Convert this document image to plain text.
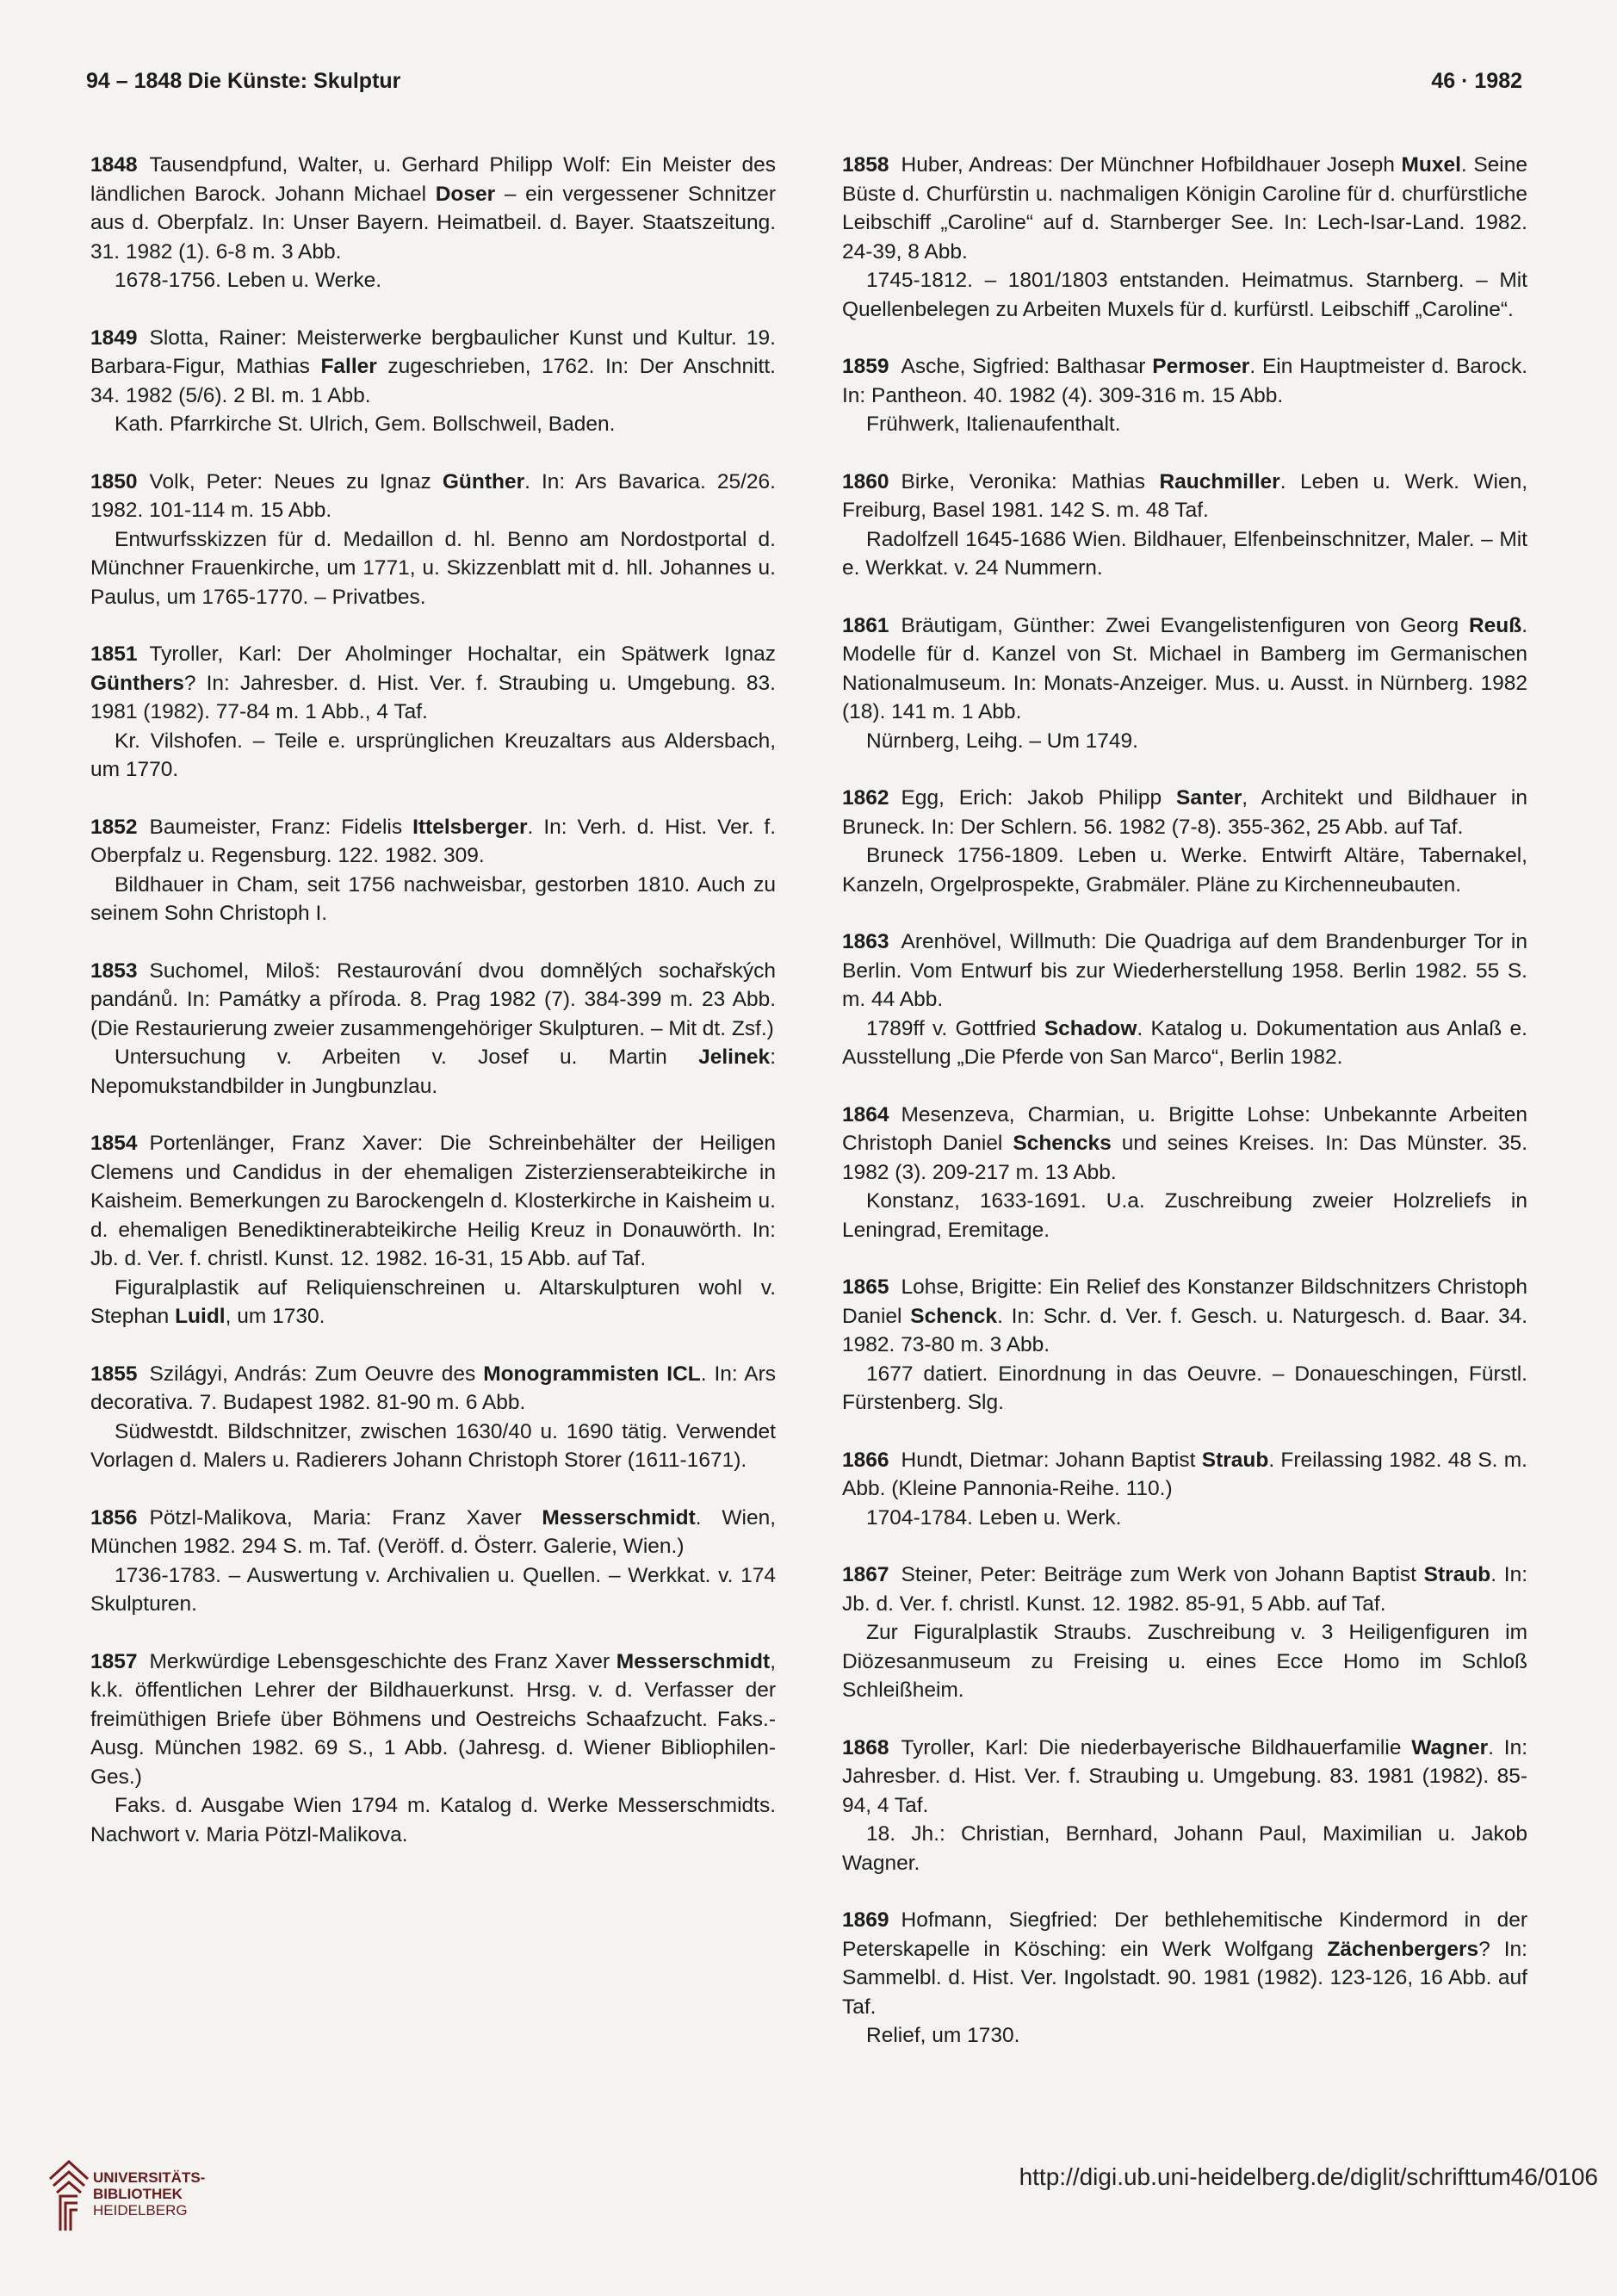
94 – 1848 Die Künste: Skulptur	46 · 1982

1848 Tausendpfund, Walter, u. Gerhard Philipp Wolf: Ein Meister des ländlichen Barock. Johann Michael Doser – ein vergessener Schnitzer aus d. Oberpfalz. In: Unser Bayern. Heimatbeil. d. Bayer. Staatszeitung. 31. 1982 (1). 6-8 m. 3 Abb.

1678-1756. Leben u. Werke.

1849 Slotta, Rainer: Meisterwerke bergbaulicher Kunst und Kultur. 19. Barbara-Figur, Mathias Faller zugeschrieben, 1762. In: Der Anschnitt. 34. 1982 (5/6). 2 Bl. m. 1 Abb.

Kath. Pfarrkirche St. Ulrich, Gem. Bollschweil, Baden.

1850 Volk, Peter: Neues zu Ignaz Günther. In: Ars Bavarica. 25/26. 1982. 101-114 m. 15 Abb.

Entwurfsskizzen für d. Medaillon d. hl. Benno am Nordostportal d. Münchner Frauenkirche, um 1771, u. Skizzenblatt mit d. hll. Johannes u. Paulus, um 1765-1770. – Privatbes.

1851 Tyroller, Karl: Der Aholminger Hochaltar, ein Spätwerk Ignaz Günthers? In: Jahresber. d. Hist. Ver. f. Straubing u. Umgebung. 83. 1981 (1982). 77-84 m. 1 Abb., 4 Taf.

Kr. Vilshofen. – Teile e. ursprünglichen Kreuzaltars aus Aldersbach, um 1770.

1852 Baumeister, Franz: Fidelis Ittelsberger. In: Verh. d. Hist. Ver. f. Oberpfalz u. Regensburg. 122. 1982. 309.

Bildhauer in Cham, seit 1756 nachweisbar, gestorben 1810. Auch zu seinem Sohn Christoph I.

1853 Suchomel, Miloš: Restaurování dvou domnělých sochařských pandánů. In: Památky a příroda. 8. Prag 1982 (7). 384-399 m. 23 Abb. (Die Restaurierung zweier zusammengehöriger Skulpturen. – Mit dt. Zsf.)

Untersuchung v. Arbeiten v. Josef u. Martin Jelinek: Nepomukstandbilder in Jungbunzlau.

1854 Portenlänger, Franz Xaver: Die Schreinbehälter der Heiligen Clemens und Candidus in der ehemaligen Zisterzienserabteikirche in Kaisheim. Bemerkungen zu Barockengeln d. Klosterkirche in Kaisheim u. d. ehemaligen Benediktinerabteikirche Heilig Kreuz in Donauwörth. In: Jb. d. Ver. f. christl. Kunst. 12. 1982. 16-31, 15 Abb. auf Taf.

Figuralplastik auf Reliquienschreinen u. Altarskulpturen wohl v. Stephan Luidl, um 1730.

1855 Szilágyi, András: Zum Oeuvre des Monogrammisten ICL. In: Ars decorativa. 7. Budapest 1982. 81-90 m. 6 Abb.

Südwestdt. Bildschnitzer, zwischen 1630/40 u. 1690 tätig. Verwendet Vorlagen d. Malers u. Radierers Johann Christoph Storer (1611-1671).

1856 Pötzl-Malikova, Maria: Franz Xaver Messerschmidt. Wien, München 1982. 294 S. m. Taf. (Veröff. d. Österr. Galerie, Wien.)

1736-1783. – Auswertung v. Archivalien u. Quellen. – Werkkat. v. 174 Skulpturen.

1857 Merkwürdige Lebensgeschichte des Franz Xaver Messerschmidt, k.k. öffentlichen Lehrer der Bildhauerkunst. Hrsg. v. d. Verfasser der freimüthigen Briefe über Böhmens und Oestreichs Schaafzucht. Faks.-Ausg. München 1982. 69 S., 1 Abb. (Jahresg. d. Wiener Bibliophilen-Ges.)

Faks. d. Ausgabe Wien 1794 m. Katalog d. Werke Messerschmidts. Nachwort v. Maria Pötzl-Malikova.

1858 Huber, Andreas: Der Münchner Hofbildhauer Joseph Muxel. Seine Büste d. Churfürstin u. nachmaligen Königin Caroline für d. churfürstliche Leibschiff „Caroline“ auf d. Starnberger See. In: Lech-Isar-Land. 1982. 24-39, 8 Abb.

1745-1812. – 1801/1803 entstanden. Heimatmus. Starnberg. – Mit Quellenbelegen zu Arbeiten Muxels für d. kurfürstl. Leibschiff „Caroline“.

1859 Asche, Sigfried: Balthasar Permoser. Ein Hauptmeister d. Barock. In: Pantheon. 40. 1982 (4). 309-316 m. 15 Abb.

Frühwerk, Italienaufenthalt.

1860 Birke, Veronika: Mathias Rauchmiller. Leben u. Werk. Wien, Freiburg, Basel 1981. 142 S. m. 48 Taf.

Radolfzell 1645-1686 Wien. Bildhauer, Elfenbeinschnitzer, Maler. – Mit e. Werkkat. v. 24 Nummern.

1861 Bräutigam, Günther: Zwei Evangelistenfiguren von Georg Reuß. Modelle für d. Kanzel von St. Michael in Bamberg im Germanischen Nationalmuseum. In: Monats-Anzeiger. Mus. u. Ausst. in Nürnberg. 1982 (18). 141 m. 1 Abb.

Nürnberg, Leihg. – Um 1749.

1862 Egg, Erich: Jakob Philipp Santer, Architekt und Bildhauer in Bruneck. In: Der Schlern. 56. 1982 (7-8). 355-362, 25 Abb. auf Taf.

Bruneck 1756-1809. Leben u. Werke. Entwirft Altäre, Tabernakel, Kanzeln, Orgelprospekte, Grabmäler. Pläne zu Kirchenneubauten.

1863 Arenhövel, Willmuth: Die Quadriga auf dem Brandenburger Tor in Berlin. Vom Entwurf bis zur Wiederherstellung 1958. Berlin 1982. 55 S. m. 44 Abb.

1789ff v. Gottfried Schadow. Katalog u. Dokumentation aus Anlaß e. Ausstellung „Die Pferde von San Marco“, Berlin 1982.

1864 Mesenzeva, Charmian, u. Brigitte Lohse: Unbekannte Arbeiten Christoph Daniel Schencks und seines Kreises. In: Das Münster. 35. 1982 (3). 209-217 m. 13 Abb.

Konstanz, 1633-1691. U.a. Zuschreibung zweier Holzreliefs in Leningrad, Eremitage.

1865 Lohse, Brigitte: Ein Relief des Konstanzer Bildschnitzers Christoph Daniel Schenck. In: Schr. d. Ver. f. Gesch. u. Naturgesch. d. Baar. 34. 1982. 73-80 m. 3 Abb.

1677 datiert. Einordnung in das Oeuvre. – Donaueschingen, Fürstl. Fürstenberg. Slg.

1866 Hundt, Dietmar: Johann Baptist Straub. Freilassing 1982. 48 S. m. Abb. (Kleine Pannonia-Reihe. 110.)

1704-1784. Leben u. Werk.

1867 Steiner, Peter: Beiträge zum Werk von Johann Baptist Straub. In: Jb. d. Ver. f. christl. Kunst. 12. 1982. 85-91, 5 Abb. auf Taf.

Zur Figuralplastik Straubs. Zuschreibung v. 3 Heiligenfiguren im Diözesanmuseum zu Freising u. eines Ecce Homo im Schloß Schleißheim.

1868 Tyroller, Karl: Die niederbayerische Bildhauerfamilie Wagner. In: Jahresber. d. Hist. Ver. f. Straubing u. Umgebung. 83. 1981 (1982). 85-94, 4 Taf.

18. Jh.: Christian, Bernhard, Johann Paul, Maximilian u. Jakob Wagner.

1869 Hofmann, Siegfried: Der bethlehemitische Kindermord in der Peterskapelle in Kösching: ein Werk Wolfgang Zächenbergers? In: Sammelbl. d. Hist. Ver. Ingolstadt. 90. 1981 (1982). 123-126, 16 Abb. auf Taf.

Relief, um 1730.

UNIVERSITÄTS-
BIBLIOTHEK
HEIDELBERG
http://digi.ub.uni-heidelberg.de/diglit/schrifttum46/0106
